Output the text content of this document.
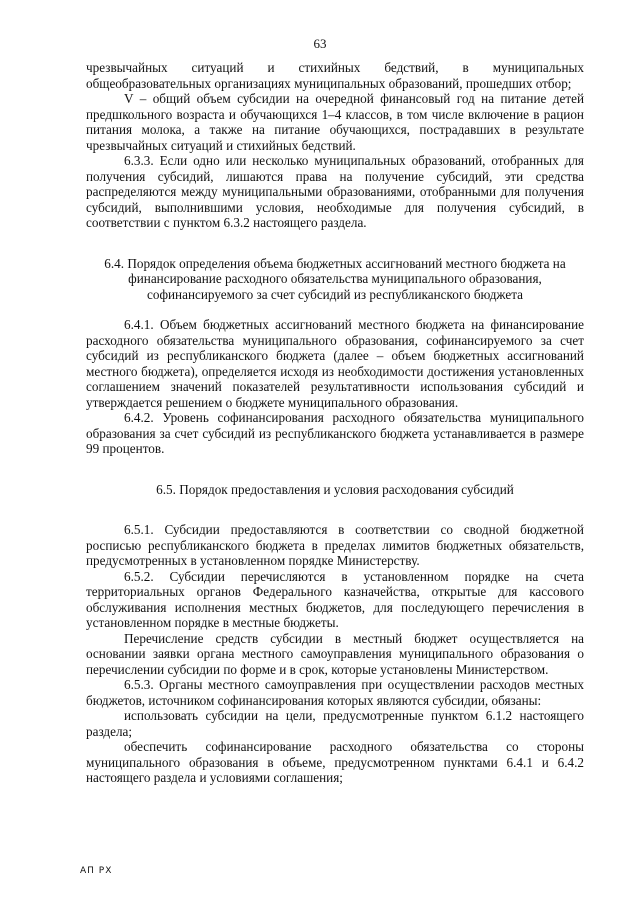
63

чрезвычайных ситуаций и стихийных бедствий, в муниципальных общеобразовательных организациях муниципальных образований, прошедших отбор;

V – общий объем субсидии на очередной финансовый год на питание детей предшкольного возраста и обучающихся 1–4 классов, в том числе включение в рацион питания молока, а также на питание обучающихся, пострадавших в результате чрезвычайных ситуаций и стихийных бедствий.

6.3.3. Если одно или несколько муниципальных образований, отобранных для получения субсидий, лишаются права на получение субсидий, эти средства распределяются между муниципальными образованиями, отобранными для получения субсидий, выполнившими условия, необходимые для получения субсидий, в соответствии с пунктом 6.3.2 настоящего раздела.

6.4. Порядок определения объема бюджетных ассигнований местного бюджета на финансирование расходного обязательства муниципального образования, софинансируемого за счет субсидий из республиканского бюджета

6.4.1. Объем бюджетных ассигнований местного бюджета на финансирование расходного обязательства муниципального образования, софинансируемого за счет субсидий из республиканского бюджета (далее – объем бюджетных ассигнований местного бюджета), определяется исходя из необходимости достижения установленных соглашением значений показателей результативности использования субсидий и утверждается решением о бюджете муниципального образования.

6.4.2. Уровень софинансирования расходного обязательства муниципального образования за счет субсидий из республиканского бюджета устанавливается в размере 99 процентов.

6.5. Порядок предоставления и условия расходования субсидий

6.5.1. Субсидии предоставляются в соответствии со сводной бюджетной росписью республиканского бюджета в пределах лимитов бюджетных обязательств, предусмотренных в установленном порядке Министерству.

6.5.2. Субсидии перечисляются в установленном порядке на счета территориальных органов Федерального казначейства, открытые для кассового обслуживания исполнения местных бюджетов, для последующего перечисления в установленном порядке в местные бюджеты.

Перечисление средств субсидии в местный бюджет осуществляется на основании заявки органа местного самоуправления муниципального образования о перечислении субсидии по форме и в срок, которые установлены Министерством.

6.5.3. Органы местного самоуправления при осуществлении расходов местных бюджетов, источником софинансирования которых являются субсидии, обязаны:

использовать субсидии на цели, предусмотренные пунктом 6.1.2 настоящего раздела;

обеспечить софинансирование расходного обязательства со стороны муниципального образования в объеме, предусмотренном пунктами 6.4.1 и 6.4.2 настоящего раздела и условиями соглашения;

АП РХ
